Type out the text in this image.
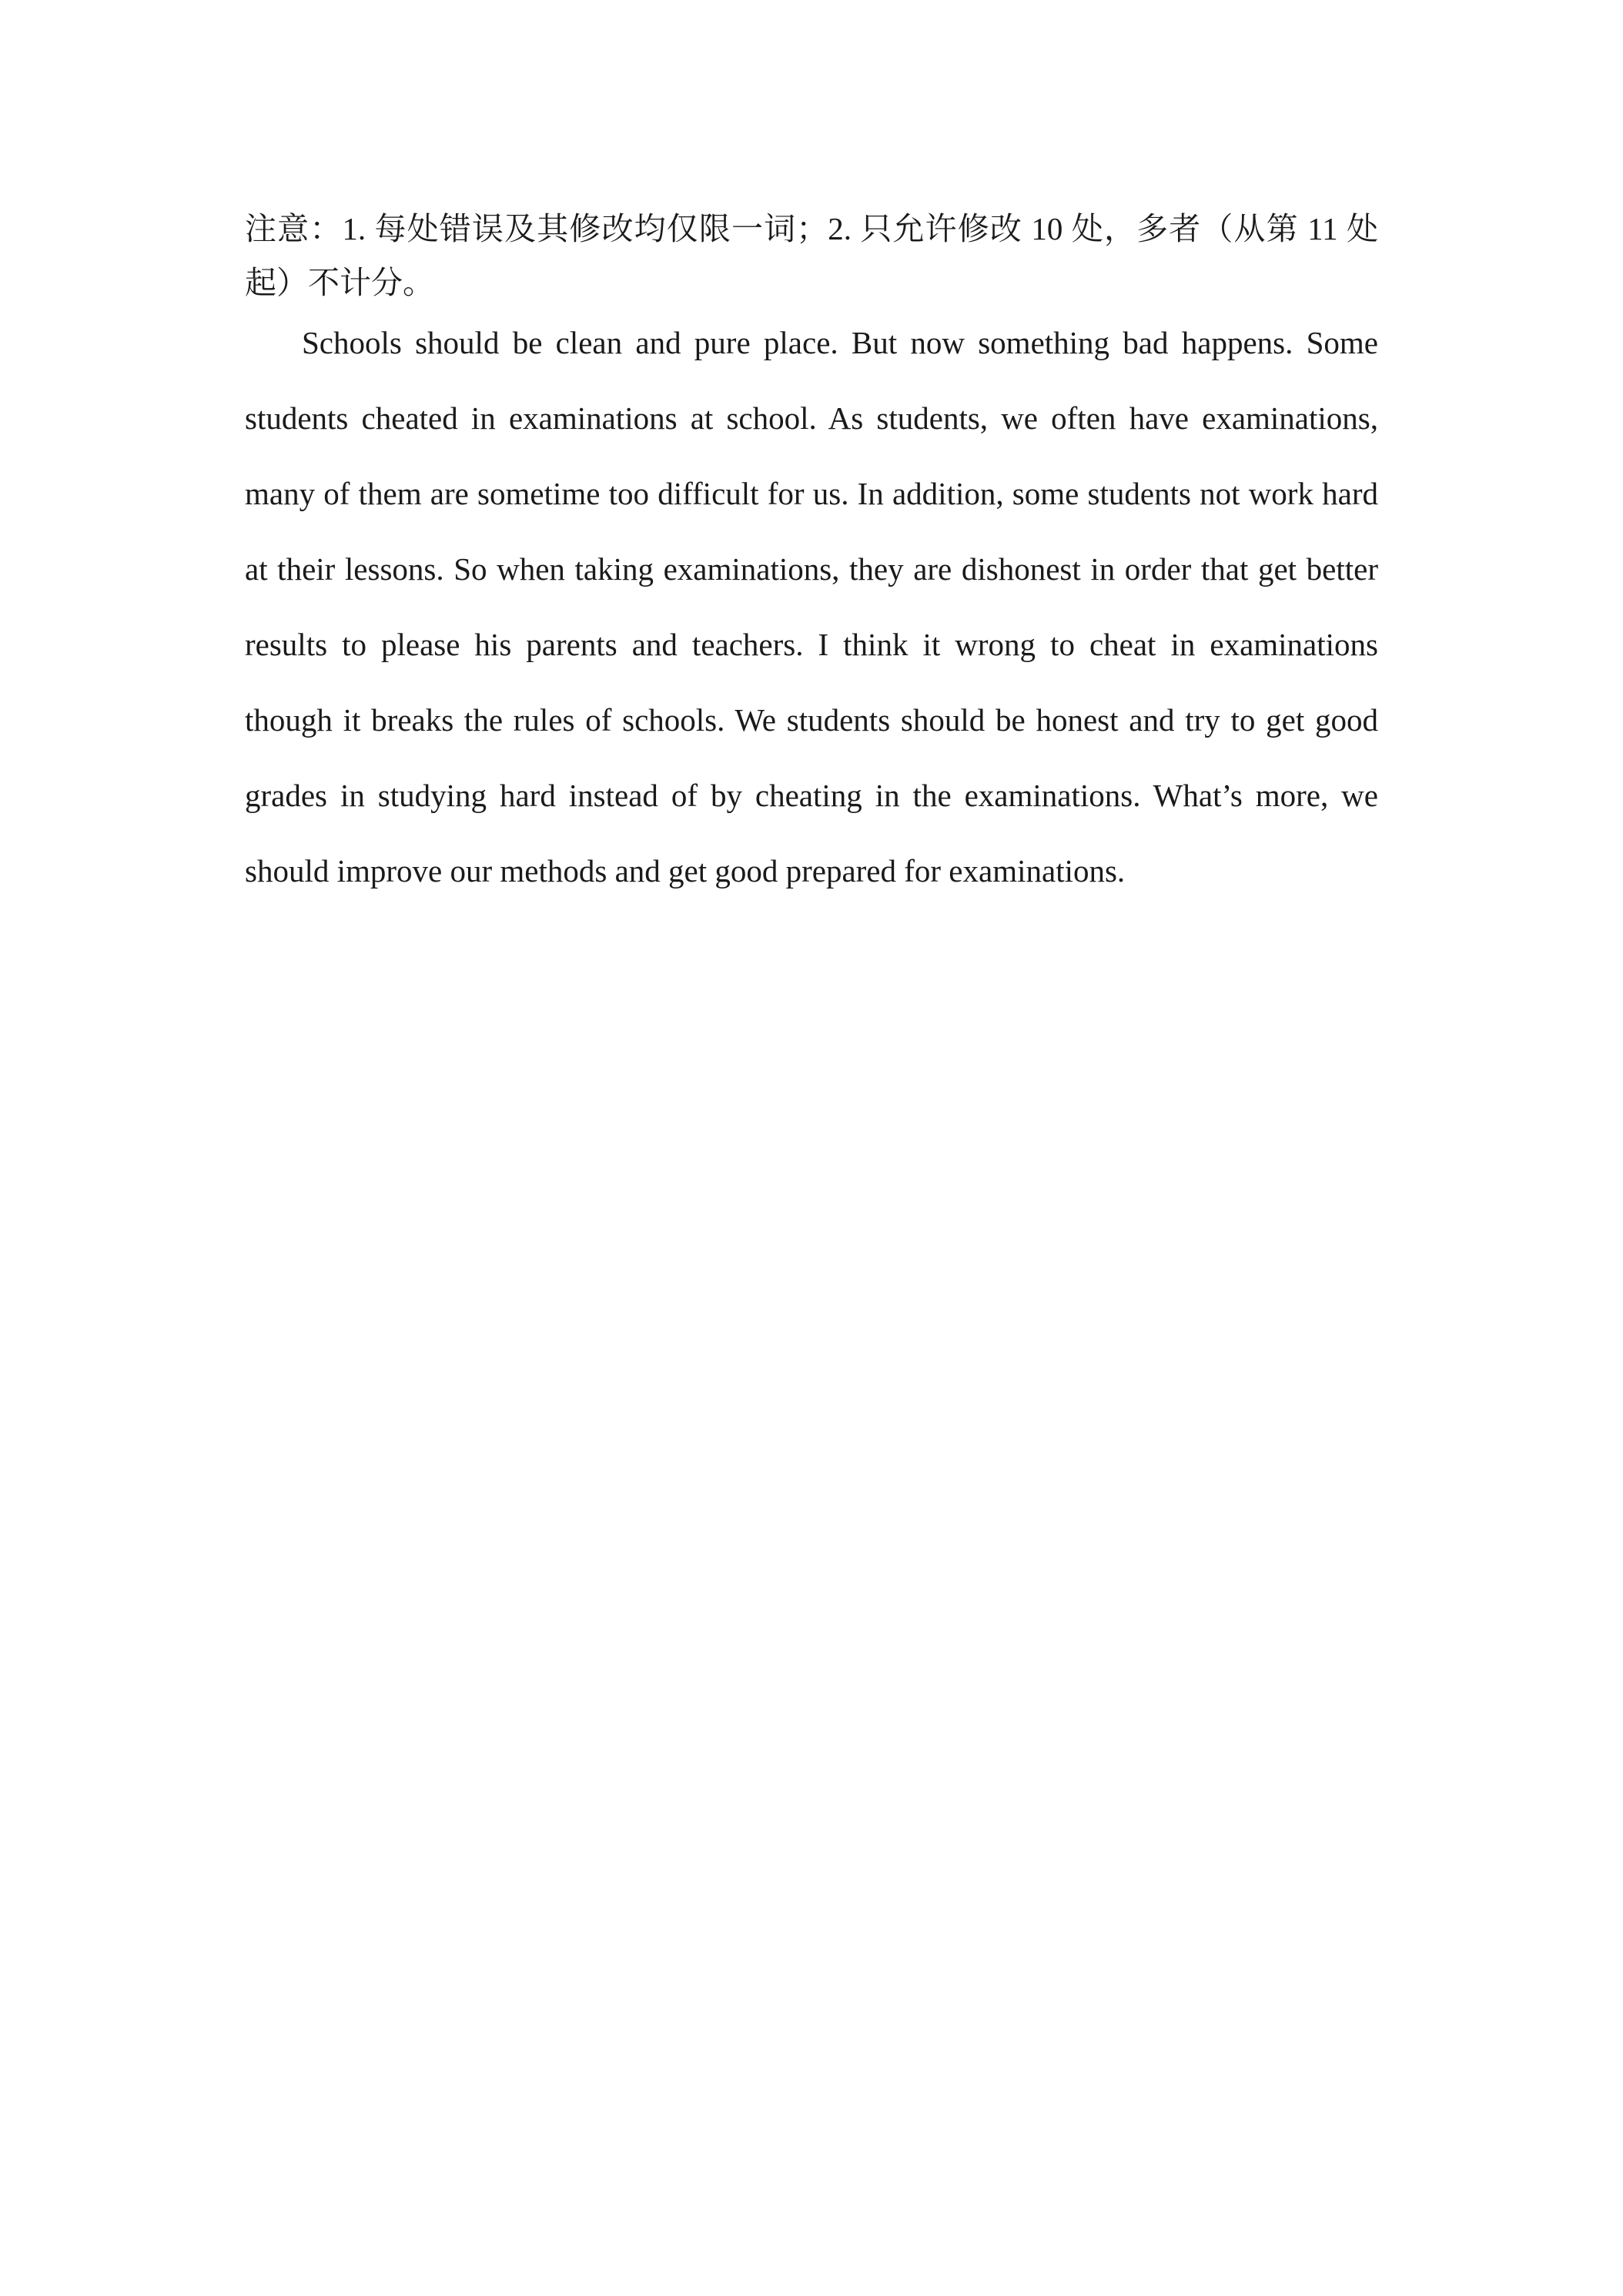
注意：1. 每处错误及其修改均仅限一词；2. 只允许修改 10 处，多者（从第 11 处起）不计分。

Schools should be clean and pure place. But now something bad happens. Some students cheated in examinations at school. As students, we often have examinations, many of them are sometime too difficult for us. In addition, some students not work hard at their lessons. So when taking examinations, they are dishonest in order that get better results to please his parents and teachers. I think it wrong to cheat in examinations though it breaks the rules of schools. We students should be honest and try to get good grades in studying hard instead of by cheating in the examinations. What’s more, we should improve our methods and get good prepared for examinations.
